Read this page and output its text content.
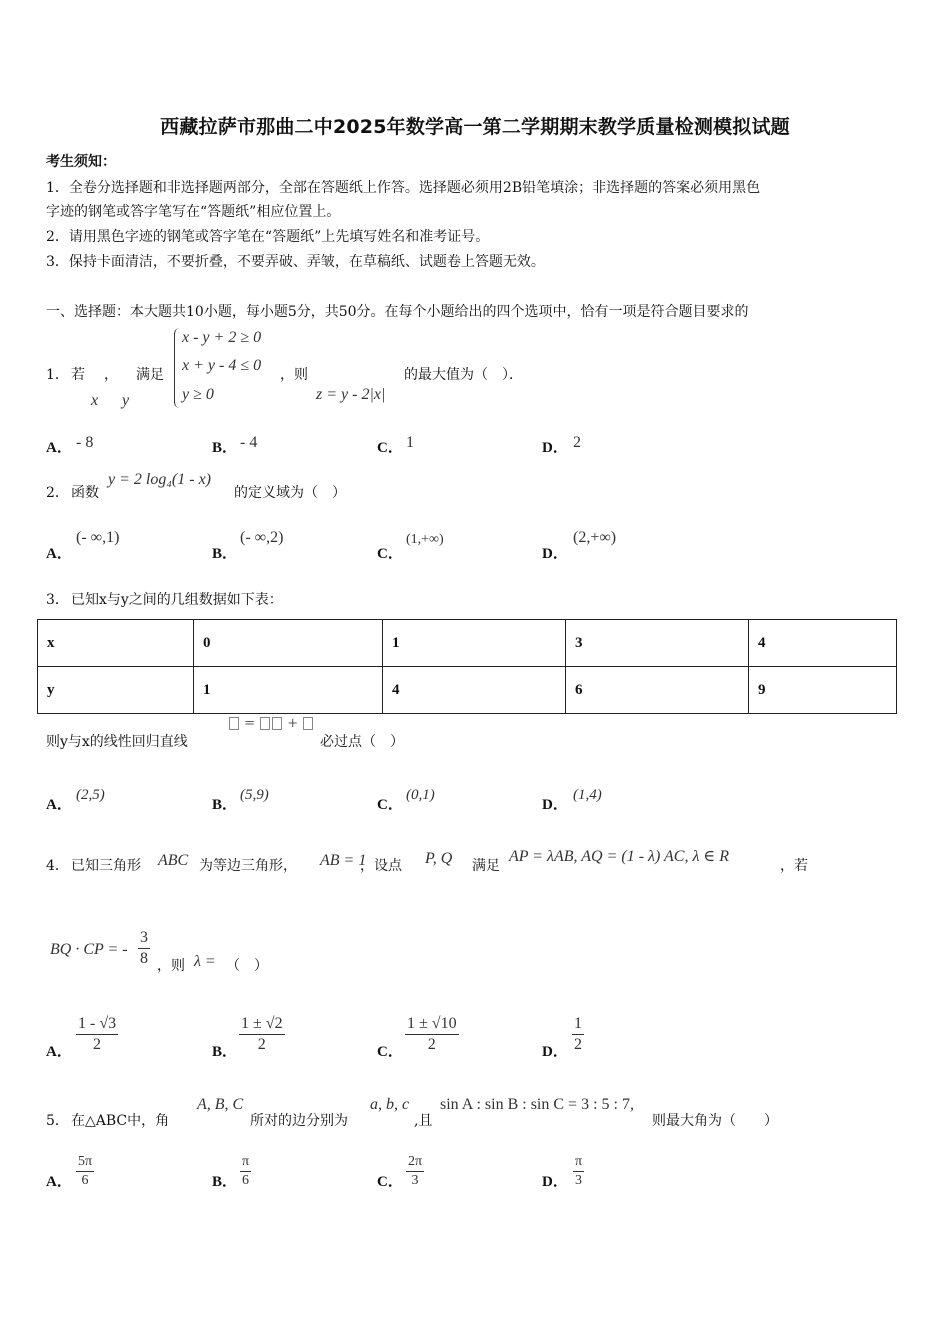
西藏拉萨市那曲二中2025年数学高一第二学期期末教学质量检测模拟试题
考生须知：
1．全卷分选择题和非选择题两部分，全部在答题纸上作答。选择题必须用2B铅笔填涂；非选择题的答案必须用黑色
字迹的钢笔或答字笔写在“答题纸”相应位置上。
2．请用黑色字迹的钢笔或答字笔在“答题纸”上先填写姓名和准考证号。
3．保持卡面清洁，不要折叠，不要弄破、弄皱，在草稿纸、试题卷上答题无效。
一、选择题：本大题共10小题，每小题5分，共50分。在每个小题给出的四个选项中，恰有一项是符合题目要求的
1． 若 ， 满足
x y
x - y + 2 ≥ 0
x + y - 4 ≤ 0
y ≥ 0
，则
z = y - 2|x|
的最大值为（　）．
A． - 8	B． - 4	C． 1	D． 2
2． 函数
y = 2 log₄(1 - x)
的定义域为（　）
A．
(- ∞,1)
B．
(- ∞,2)
C．
(1,+∞)
D．
(2,+∞)
3． 已知x与y之间的几组数据如下表：
x	0	1	3	4
y	1	4	6	9
则y与x的线性回归直线
=  +
必过点（　）
A．
(2,5)
B．
(5,9)
C．
(0,1)
D．
(1,4)
4． 已知三角形 ABC 为等边三角形， AB = 1
，设点 P, Q 满足
AP = λAB, AQ = (1 - λ) AC, λ ∈ R
，若
BQ · CP = - $\frac{3}{8}$ ，则 λ = （　）
A． $\frac{1 - √3}{2}$	B． $\frac{1 \pm √2}{2}$	C． $\frac{1 \pm √10}{2}$	D． $\frac{1}{2}$
5． 在△ABC中，角
A, B, C
所对的边分别为
a, b, c
,且
sin A : sin B : sin C = 3 : 5 : 7,
则最大角为（　　）
A． $\frac{5\pi}{6}$	B． $\frac{\pi}{6}$	C． $\frac{2\pi}{3}$	D． $\frac{\pi}{3}$
